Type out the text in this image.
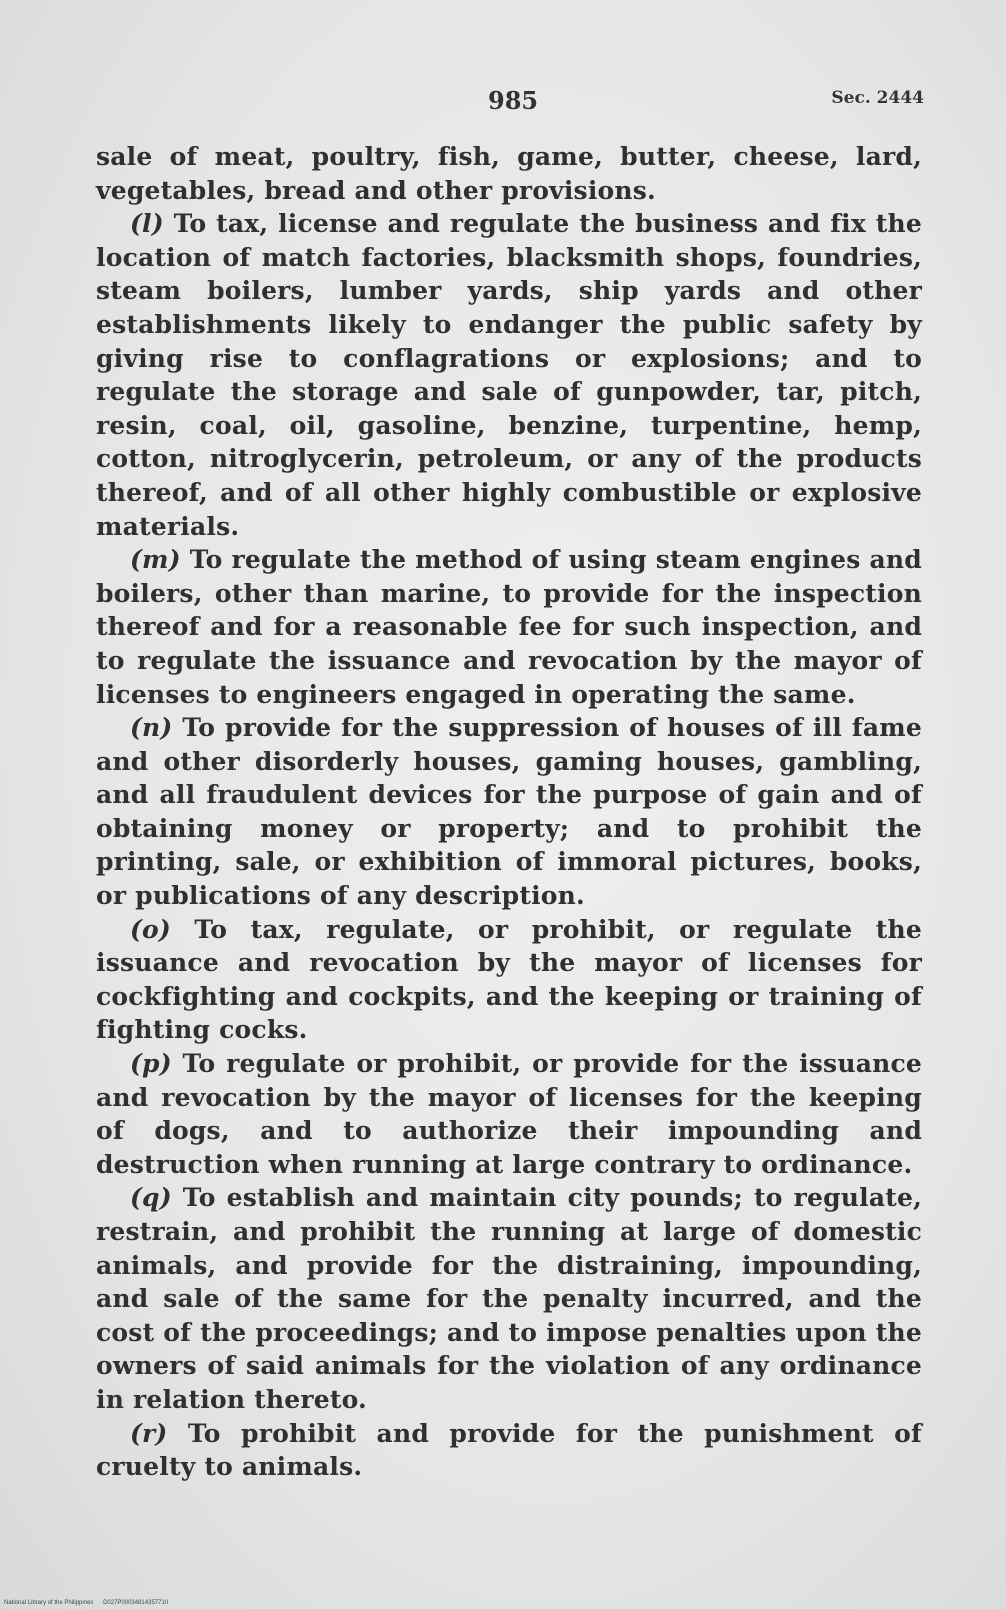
985	Sec. 2444

sale of meat, poultry, fish, game, butter, cheese, lard, vegetables, bread and other provisions.

(l) To tax, license and regulate the business and fix the location of match factories, blacksmith shops, foundries, steam boilers, lumber yards, ship yards and other establishments likely to endanger the public safety by giving rise to conflagrations or explosions; and to regulate the storage and sale of gunpowder, tar, pitch, resin, coal, oil, gasoline, benzine, turpentine, hemp, cotton, nitroglycerin, petroleum, or any of the products thereof, and of all other highly combustible or explosive materials.

(m) To regulate the method of using steam engines and boilers, other than marine, to provide for the inspection thereof and for a reasonable fee for such inspection, and to regulate the issuance and revocation by the mayor of licenses to engineers engaged in operating the same.

(n) To provide for the suppression of houses of ill fame and other disorderly houses, gaming houses, gambling, and all fraudulent devices for the purpose of gain and of obtaining money or property; and to prohibit the printing, sale, or exhibition of immoral pictures, books, or publications of any description.

(o) To tax, regulate, or prohibit, or regulate the issuance and revocation by the mayor of licenses for cockfighting and cockpits, and the keeping or training of fighting cocks.

(p) To regulate or prohibit, or provide for the issuance and revocation by the mayor of licenses for the keeping of dogs, and to authorize their impounding and destruction when running at large contrary to ordinance.

(q) To establish and maintain city pounds; to regulate, restrain, and prohibit the running at large of domestic animals, and provide for the distraining, impounding, and sale of the same for the penalty incurred, and the cost of the proceedings; and to impose penalties upon the owners of said animals for the violation of any ordinance in relation thereto.

(r) To prohibit and provide for the punishment of cruelty to animals.

National Library of the Philippines D027P0003481435771II
